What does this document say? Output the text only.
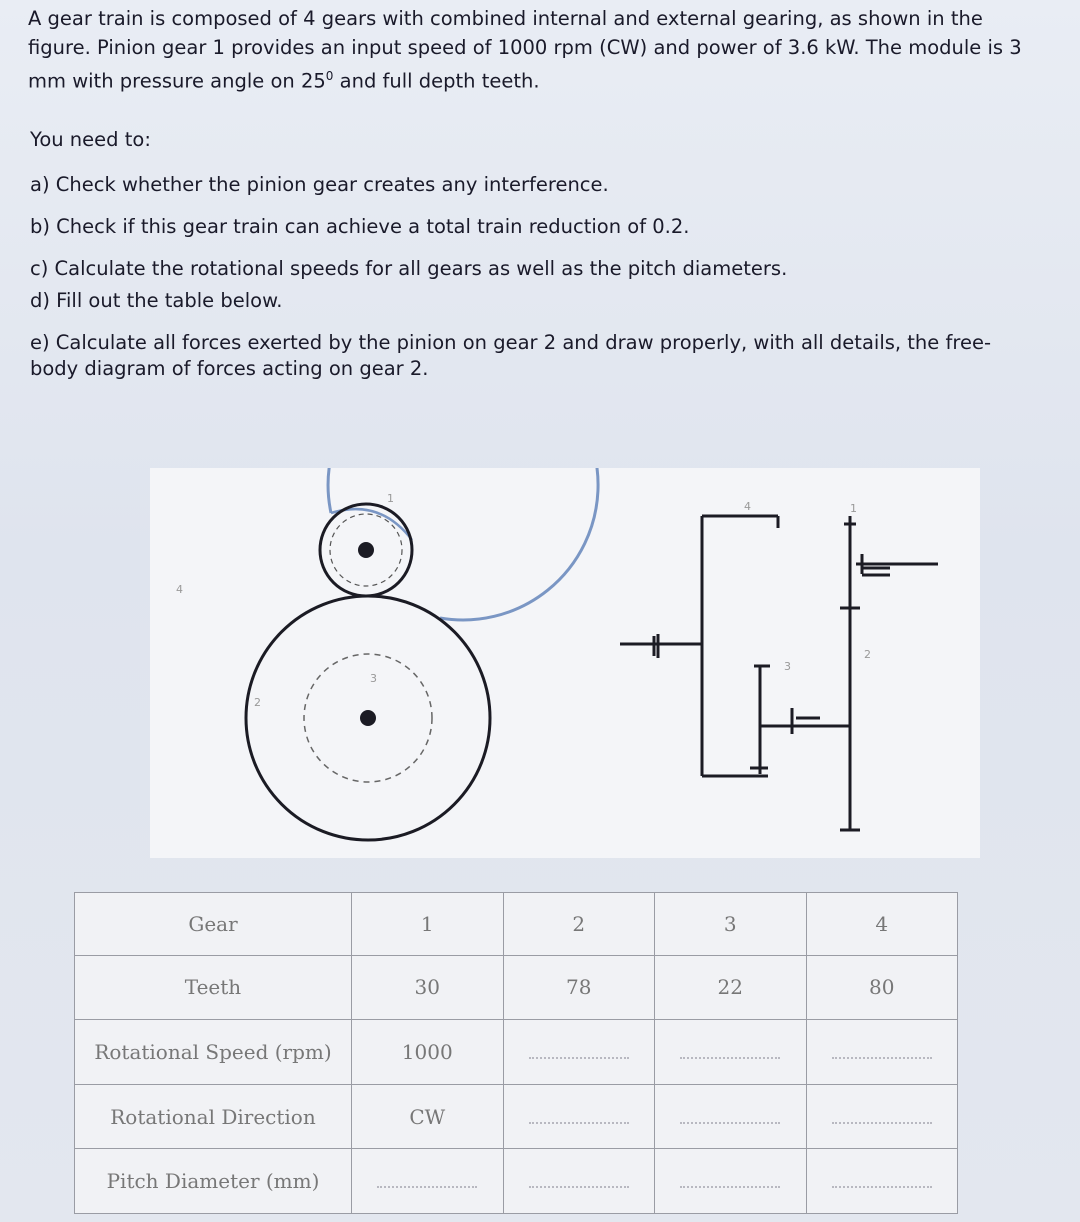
A gear train is composed of 4 gears with combined internal and external gearing, as shown in the figure. Pinion gear 1 provides an input speed of 1000 rpm (CW) and power of 3.6 kW. The module is 3 mm with pressure angle on $25^0$ and full depth teeth.

You need to:
a) Check whether the pinion gear creates any interference.
b) Check if this gear train can achieve a total train reduction of 0.2.
c) Calculate the rotational speeds for all gears as well as the pitch diameters.
d) Fill out the table below.
e) Calculate all forces exerted by the pinion on gear 2 and draw properly, with all details, the free-body diagram of forces acting on gear 2.
1
2
3
4
4	1
2
3
Gear	1	2	3	4
Teeth	30	78	22	80
Rotational Speed (rpm)	1000			
Rotational Direction	CW			
Pitch Diameter (mm)				
